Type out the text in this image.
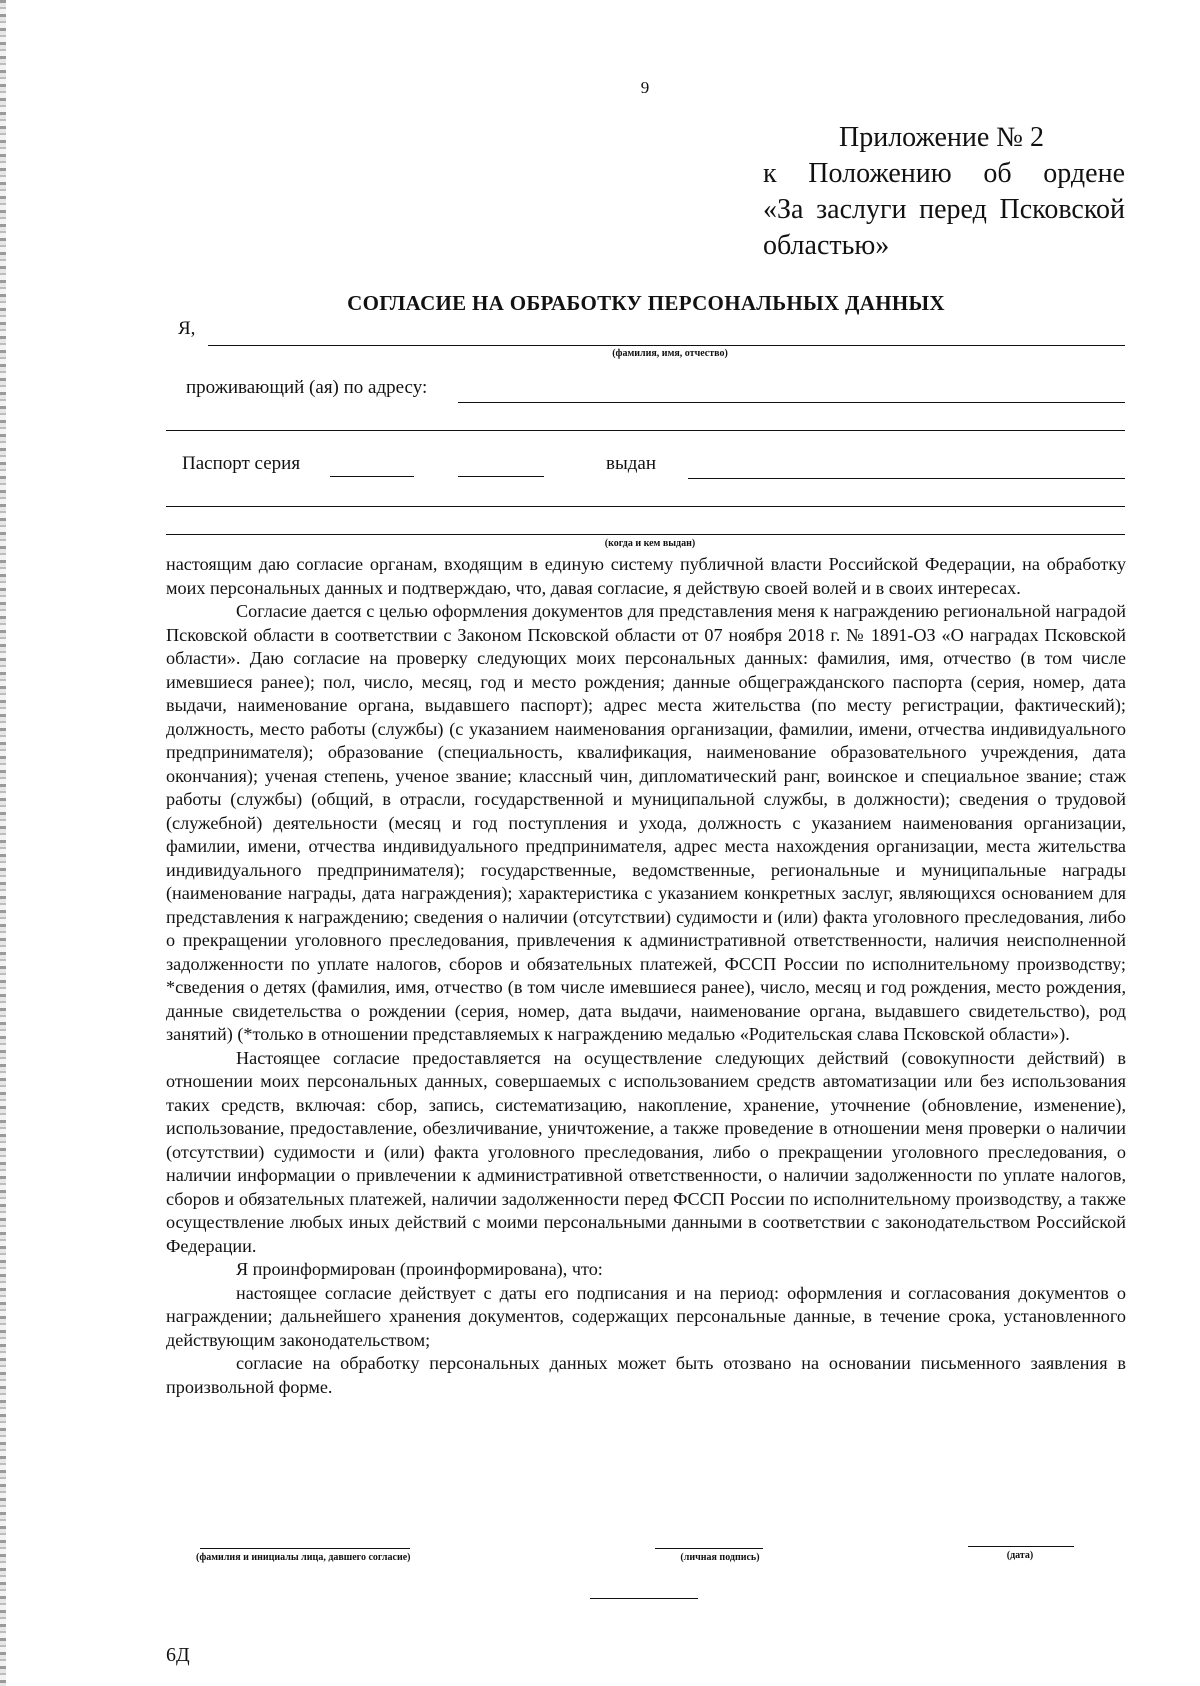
9
Приложение № 2
к Положению об ордене
«За заслуги перед Псковской
областью»
СОГЛАСИЕ НА ОБРАБОТКУ ПЕРСОНАЛЬНЫХ ДАННЫХ
Я,
(фамилия, имя, отчество)
проживающий (ая) по адресу:
Паспорт серия	выдан
(когда и кем выдан)

настоящим даю согласие органам, входящим в единую систему публичной власти Российской Федерации, на обработку моих персональных данных и подтверждаю, что, давая согласие, я действую своей волей и в своих интересах.

Согласие дается с целью оформления документов для представления меня к награждению региональной наградой Псковской области в соответствии с Законом Псковской области от 07 ноября 2018 г. № 1891-ОЗ «О наградах Псковской области». Даю согласие на проверку следующих моих персональных данных: фамилия, имя, отчество (в том числе имевшиеся ранее); пол, число, месяц, год и место рождения; данные общегражданского паспорта (серия, номер, дата выдачи, наименование органа, выдавшего паспорт); адрес места жительства (по месту регистрации, фактический); должность, место работы (службы) (с указанием наименования организации, фамилии, имени, отчества индивидуального предпринимателя); образование (специальность, квалификация, наименование образовательного учреждения, дата окончания); ученая степень, ученое звание; классный чин, дипломатический ранг, воинское и специальное звание; стаж работы (службы) (общий, в отрасли, государственной и муниципальной службы, в должности); сведения о трудовой (служебной) деятельности (месяц и год поступления и ухода, должность с указанием наименования организации, фамилии, имени, отчества индивидуального предпринимателя, адрес места нахождения организации, места жительства индивидуального предпринимателя); государственные, ведомственные, региональные и муниципальные награды (наименование награды, дата награждения); характеристика с указанием конкретных заслуг, являющихся основанием для представления к награждению; сведения о наличии (отсутствии) судимости и (или) факта уголовного преследования, либо о прекращении уголовного преследования, привлечения к административной ответственности, наличия неисполненной задолженности по уплате налогов, сборов и обязательных платежей, ФССП России по исполнительному производству; *сведения о детях (фамилия, имя, отчество (в том числе имевшиеся ранее), число, месяц и год рождения, место рождения, данные свидетельства о рождении (серия, номер, дата выдачи, наименование органа, выдавшего свидетельство), род занятий) (*только в отношении представляемых к награждению медалью «Родительская слава Псковской области»).

Настоящее согласие предоставляется на осуществление следующих действий (совокупности действий) в отношении моих персональных данных, совершаемых с использованием средств автоматизации или без использования таких средств, включая: сбор, запись, систематизацию, накопление, хранение, уточнение (обновление, изменение), использование, предоставление, обезличивание, уничтожение, а также проведение в отношении меня проверки о наличии (отсутствии) судимости и (или) факта уголовного преследования, либо о прекращении уголовного преследования, о наличии информации о привлечении к административной ответственности, о наличии задолженности по уплате налогов, сборов и обязательных платежей, наличии задолженности перед ФССП России по исполнительному производству, а также осуществление любых иных действий с моими персональными данными в соответствии с законодательством Российской Федерации.

Я проинформирован (проинформирована), что:

настоящее согласие действует с даты его подписания и на период: оформления и согласования документов о награждении; дальнейшего хранения документов, содержащих персональные данные, в течение срока, установленного действующим законодательством;

согласие на обработку персональных данных может быть отозвано на основании письменного заявления в произвольной форме.

(фамилия и инициалы лица, давшего согласие)	(личная подпись)	(дата)
6Д
